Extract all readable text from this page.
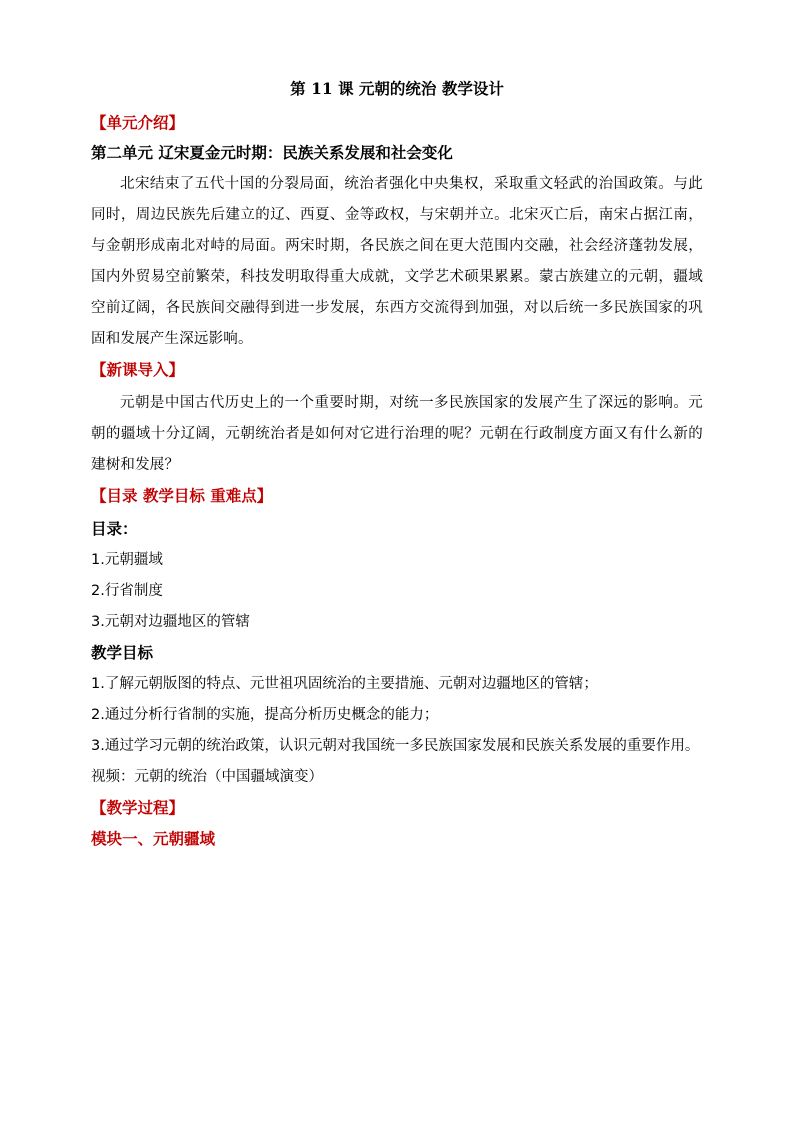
第 11 课 元朝的统治 教学设计
【单元介绍】
第二单元 辽宋夏金元时期：民族关系发展和社会变化

北宋结束了五代十国的分裂局面，统治者强化中央集权，采取重文轻武的治国政策。与此同时，周边民族先后建立的辽、西夏、金等政权，与宋朝并立。北宋灭亡后，南宋占据江南，与金朝形成南北对峙的局面。两宋时期，各民族之间在更大范围内交融，社会经济蓬勃发展，国内外贸易空前繁荣，科技发明取得重大成就，文学艺术硕果累累。蒙古族建立的元朝，疆域空前辽阔，各民族间交融得到进一步发展，东西方交流得到加强，对以后统一多民族国家的巩固和发展产生深远影响。

【新课导入】

元朝是中国古代历史上的一个重要时期，对统一多民族国家的发展产生了深远的影响。元朝的疆域十分辽阔，元朝统治者是如何对它进行治理的呢？元朝在行政制度方面又有什么新的建树和发展？

【目录 教学目标 重难点】
目录：
1.元朝疆域
2.行省制度
3.元朝对边疆地区的管辖
教学目标
1.了解元朝版图的特点、元世祖巩固统治的主要措施、元朝对边疆地区的管辖；
2.通过分析行省制的实施，提高分析历史概念的能力；
3.通过学习元朝的统治政策，认识元朝对我国统一多民族国家发展和民族关系发展的重要作用。
视频：元朝的统治（中国疆域演变）
【教学过程】
模块一、元朝疆域
